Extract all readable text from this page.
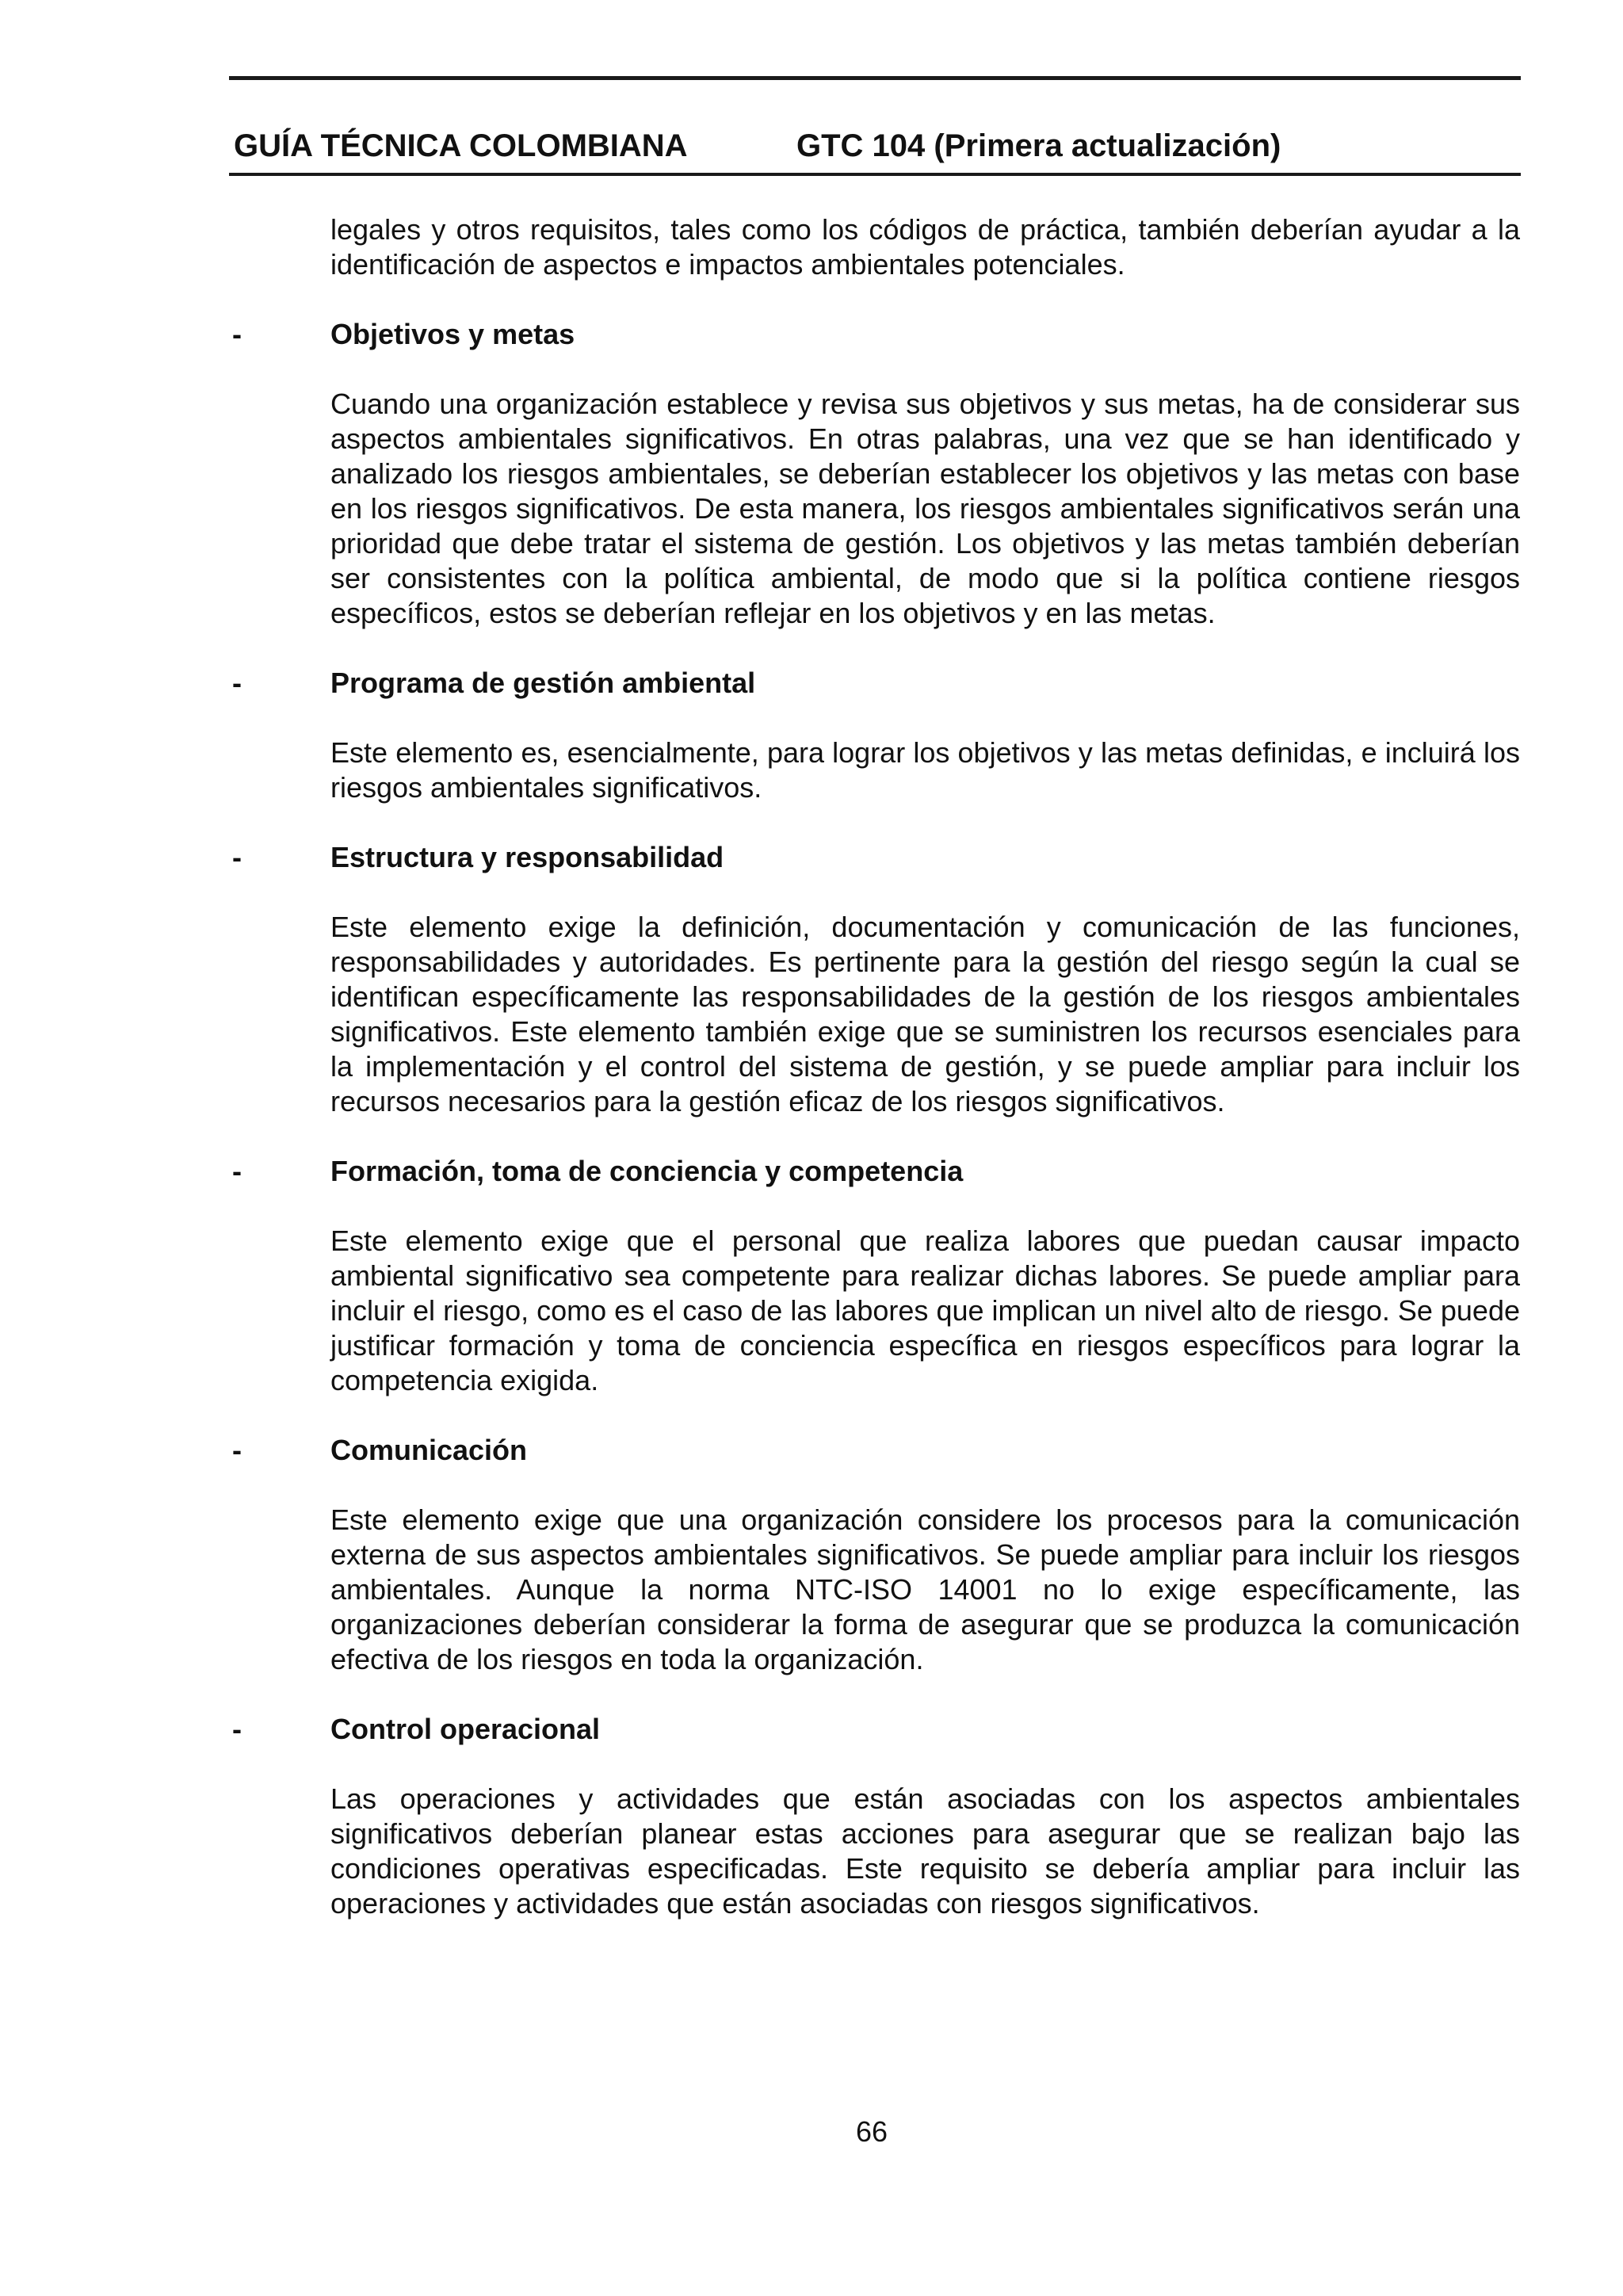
GUÍA TÉCNICA COLOMBIANA	GTC 104 (Primera actualización)

legales y otros requisitos, tales como los códigos de práctica, también deberían ayudar a la identificación de aspectos e impactos ambientales potenciales.

-	Objetivos y metas

Cuando una organización establece y revisa sus objetivos y sus metas, ha de considerar sus aspectos ambientales significativos. En otras palabras, una vez que se han identificado y analizado los riesgos ambientales, se deberían establecer los objetivos y las metas con base en los riesgos significativos. De esta manera, los riesgos ambientales significativos serán una prioridad que debe tratar el sistema de gestión. Los objetivos y las metas también deberían ser consistentes con la política ambiental, de modo que si la política contiene riesgos específicos, estos se deberían reflejar en los objetivos y en las metas.

-	Programa de gestión ambiental

Este elemento es, esencialmente, para lograr los objetivos y las metas definidas, e incluirá los riesgos ambientales significativos.

-	Estructura y responsabilidad

Este elemento exige la definición, documentación y comunicación de las funciones, responsabilidades y autoridades. Es pertinente para la gestión del riesgo según la cual se identifican específicamente las responsabilidades de la gestión de los riesgos ambientales significativos. Este elemento también exige que se suministren los recursos esenciales para la implementación y el control del sistema de gestión, y se puede ampliar para incluir los recursos necesarios para la gestión eficaz de los riesgos significativos.

-	Formación, toma de conciencia y competencia

Este elemento exige que el personal que realiza labores que puedan causar impacto ambiental significativo sea competente para realizar dichas labores. Se puede ampliar para incluir el riesgo, como es el caso de las labores que implican un nivel alto de riesgo. Se puede justificar formación y toma de conciencia específica en riesgos específicos para lograr la competencia exigida.

-	Comunicación

Este elemento exige que una organización considere los procesos para la comunicación externa de sus aspectos ambientales significativos. Se puede ampliar para incluir los riesgos ambientales. Aunque la norma NTC-ISO 14001 no lo exige específicamente, las organizaciones deberían considerar la forma de asegurar que se produzca la comunicación efectiva de los riesgos en toda la organización.

-	Control operacional

Las operaciones y actividades que están asociadas con los aspectos ambientales significativos deberían planear estas acciones para asegurar que se realizan bajo las condiciones operativas especificadas. Este requisito se debería ampliar para incluir las operaciones y actividades que están asociadas con riesgos significativos.

66
